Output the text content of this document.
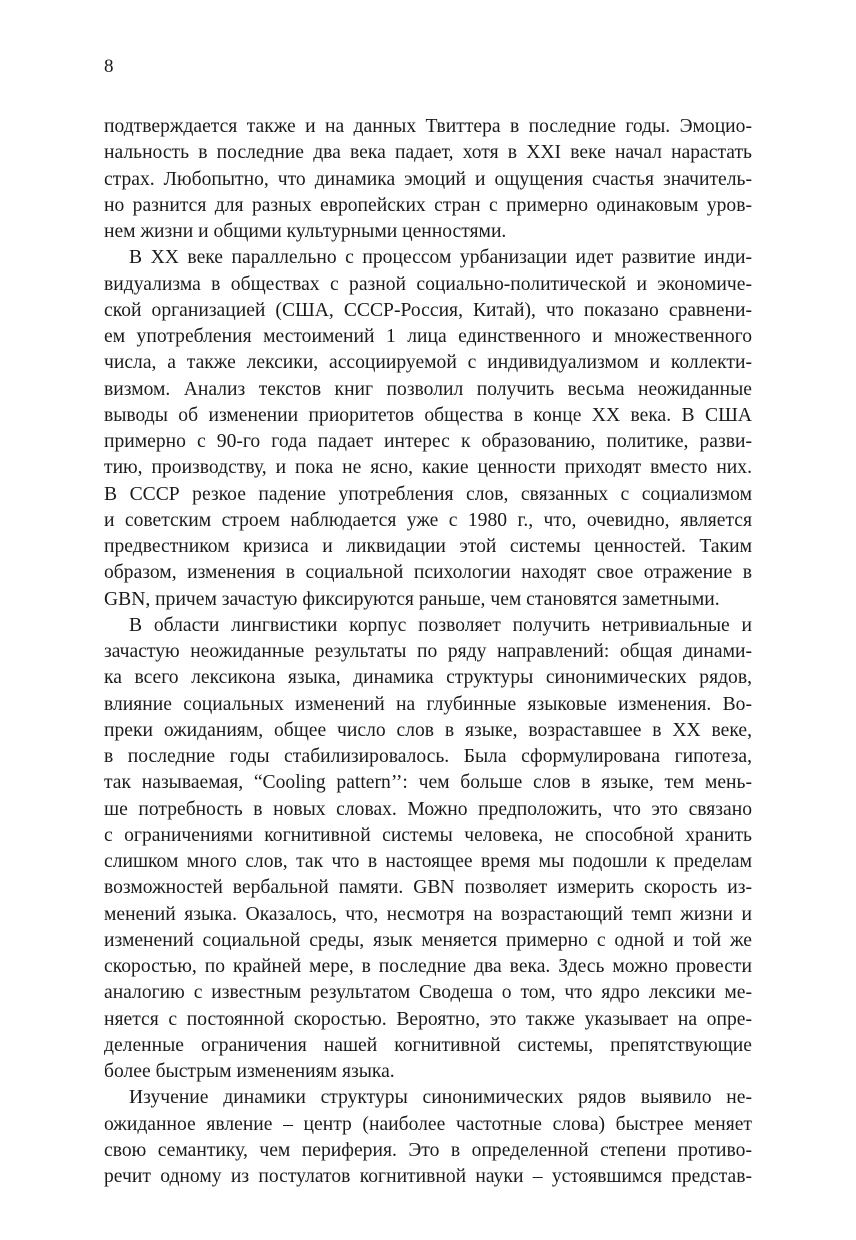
8
подтверждается также и на данных Твиттера в последние годы. Эмоцио-
нальность в последние два века падает, хотя в XXI веке начал нарастать
страх. Любопытно, что динамика эмоций и ощущения счастья значитель-
но разнится для разных европейских стран с примерно одинаковым уров-
нем жизни и общими культурными ценностями.
В XX веке параллельно с процессом урбанизации идет развитие инди-
видуализма в обществах с разной социально-политической и экономиче-
ской организацией (США, СССР-Россия, Китай), что показано сравнени-
ем употребления местоимений 1 лица единственного и множественного
числа, а также лексики, ассоциируемой с индивидуализмом и коллекти-
визмом. Анализ текстов книг позволил получить весьма неожиданные
выводы об изменении приоритетов общества в конце XX века. В США
примерно с 90-го года падает интерес к образованию, политике, разви-
тию, производству, и пока не ясно, какие ценности приходят вместо них.
В СССР резкое падение употребления слов, связанных с социализмом
и советским строем наблюдается уже с 1980 г., что, очевидно, является
предвестником кризиса и ликвидации этой системы ценностей. Таким
образом, изменения в социальной психологии находят свое отражение в
GBN, причем зачастую фиксируются раньше, чем становятся заметными.
В области лингвистики корпус позволяет получить нетривиальные и
зачастую неожиданные результаты по ряду направлений: общая динами-
ка всего лексикона языка, динамика структуры синонимических рядов,
влияние социальных изменений на глубинные языковые изменения. Во-
преки ожиданиям, общее число слов в языке, возраставшее в XX веке,
в последние годы стабилизировалось. Была сформулирована гипотеза,
так называемая, “Cooling pattern’’: чем больше слов в языке, тем мень-
ше потребность в новых словах. Можно предположить, что это связано
с ограничениями когнитивной системы человека, не способной хранить
слишком много слов, так что в настоящее время мы подошли к пределам
возможностей вербальной памяти. GBN позволяет измерить скорость из-
менений языка. Оказалось, что, несмотря на возрастающий темп жизни и
изменений социальной среды, язык меняется примерно с одной и той же
скоростью, по крайней мере, в последние два века. Здесь можно провести
аналогию с известным результатом Сводеша о том, что ядро лексики ме-
няется с постоянной скоростью. Вероятно, это также указывает на опре-
деленные ограничения нашей когнитивной системы, препятствующие
более быстрым изменениям языка.
Изучение динамики структуры синонимических рядов выявило не-
ожиданное явление – центр (наиболее частотные слова) быстрее меняет
свою семантику, чем периферия. Это в определенной степени противо-
речит одному из постулатов когнитивной науки – устоявшимся представ-
